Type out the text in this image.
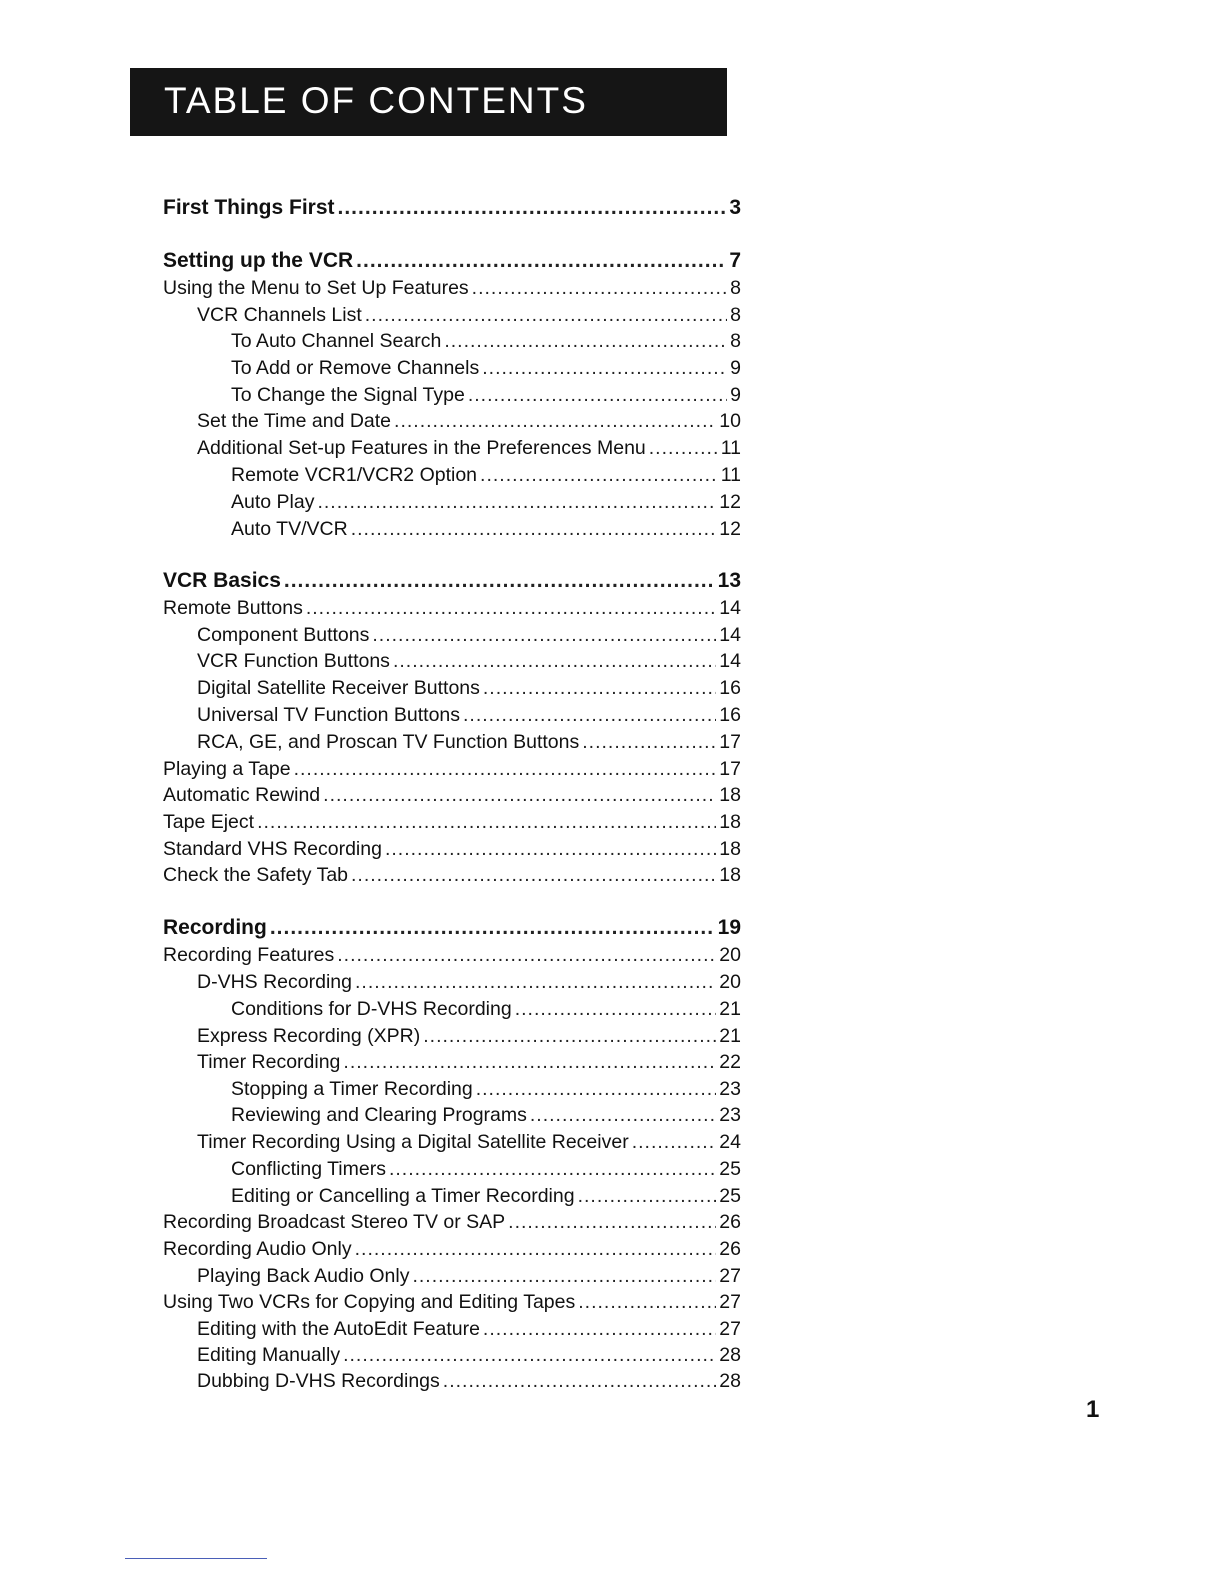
TABLE OF CONTENTS
First Things First .....	3
Setting up the VCR .....	7
Using the Menu to Set Up Features .....	8
VCR Channels List .....	8
To Auto Channel Search .....	8
To Add or Remove Channels .....	9
To Change the Signal Type .....	9
Set the Time and Date .....	10
Additional Set-up Features in the Preferences Menu .....	11
Remote VCR1/VCR2 Option .....	11
Auto Play .....	12
Auto TV/VCR .....	12
VCR Basics .....	13
Remote Buttons .....	14
Component Buttons .....	14
VCR Function Buttons .....	14
Digital Satellite Receiver Buttons .....	16
Universal TV Function Buttons .....	16
RCA, GE, and Proscan TV Function Buttons .....	17
Playing a Tape .....	17
Automatic Rewind .....	18
Tape Eject .....	18
Standard VHS Recording .....	18
Check the Safety Tab .....	18
Recording .....	19
Recording Features .....	20
D-VHS Recording .....	20
Conditions for D-VHS Recording .....	21
Express Recording (XPR) .....	21
Timer Recording .....	22
Stopping a Timer Recording .....	23
Reviewing and Clearing Programs .....	23
Timer Recording Using a Digital Satellite Receiver .....	24
Conflicting Timers .....	25
Editing or Cancelling a Timer Recording .....	25
Recording Broadcast Stereo TV or SAP .....	26
Recording Audio Only .....	26
Playing Back Audio Only .....	27
Using Two VCRs for Copying and Editing Tapes .....	27
Editing with the AutoEdit Feature .....	27
Editing Manually .....	28
Dubbing D-VHS Recordings .....	28
1
